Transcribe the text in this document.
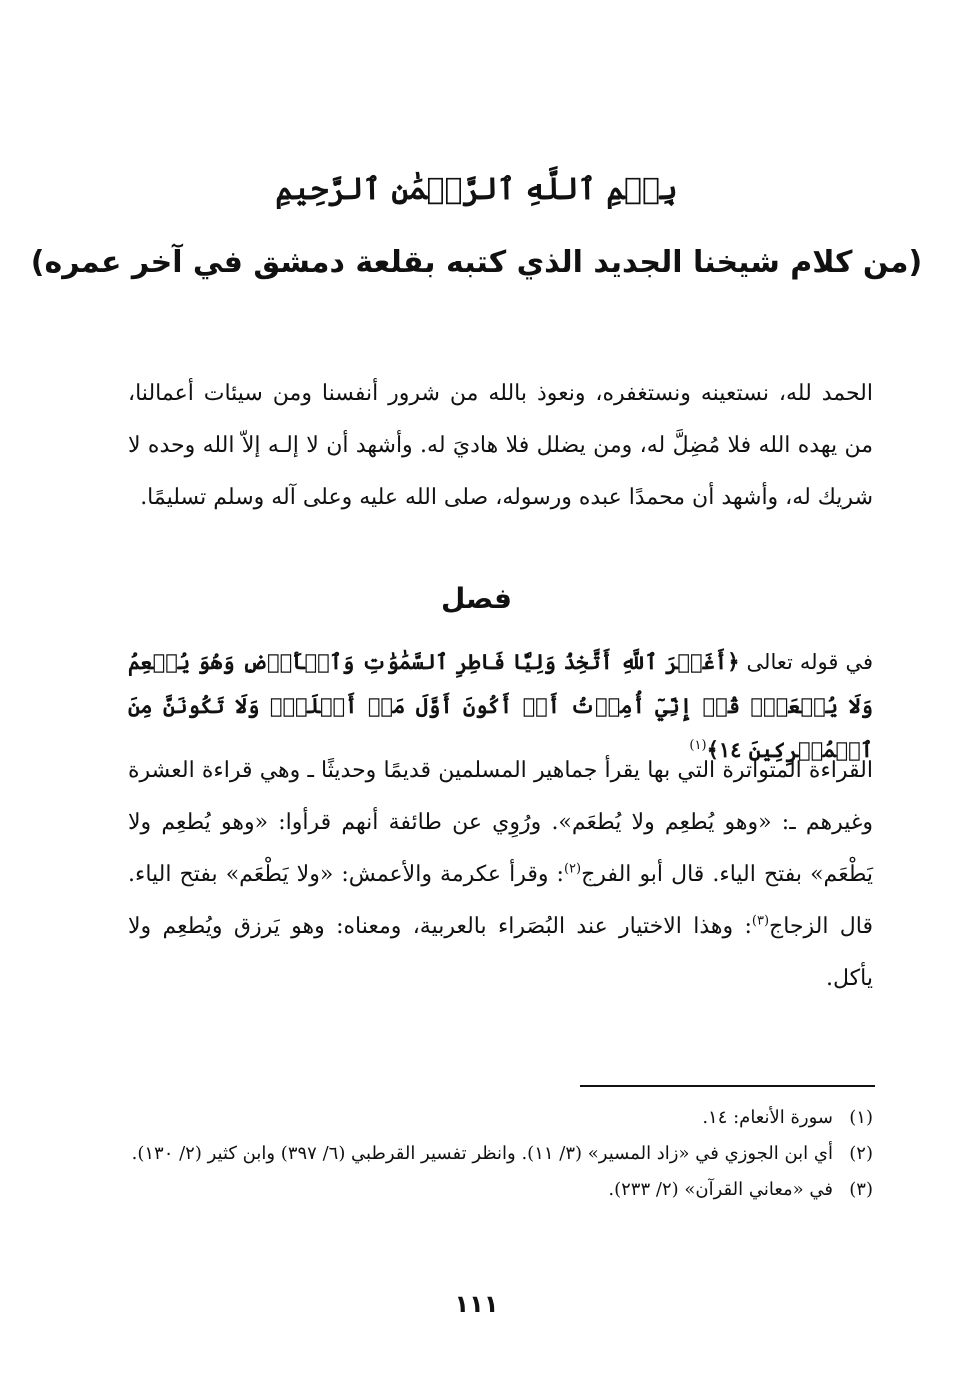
بِسۡمِ ٱللَّهِ ٱلرَّحۡمَٰنِ ٱلرَّحِيمِ
(من كلام شيخنا الجديد الذي كتبه بقلعة دمشق في آخر عمره)
الحمد لله، نستعينه ونستغفره، ونعوذ بالله من شرور أنفسنا ومن سيئات أعمالنا، من يهده الله فلا مُضِلَّ له، ومن يضلل فلا هاديَ له. وأشهد أن لا إلـه إلاّ الله وحده لا شريك له، وأشهد أن محمدًا عبده ورسوله، صلى الله عليه وعلى آله وسلم تسليمًا.
فصل
في قوله تعالى ﴿أَغَيۡرَ ٱللَّهِ أَتَّخِذُ وَلِيّٗا فَاطِرِ ٱلسَّمَٰوَٰتِ وَٱلۡأَرۡضِ وَهُوَ يُطۡعِمُ وَلَا يُطۡعَمُۗ قُلۡ إِنِّيٓ أُمِرۡتُ أَنۡ أَكُونَ أَوَّلَ مَنۡ أَسۡلَمَۖ وَلَا تَكُونَنَّ مِنَ ٱلۡمُشۡرِكِينَ ١٤﴾$^{(١)}$
القراءة المتواترة التي بها يقرأ جماهير المسلمين قديمًا وحديثًا ـ وهي قراءة العشرة وغيرهم ـ: «وهو يُطعِم ولا يُطعَم». ورُوِي عن طائفة أنهم قرأوا: «وهو يُطعِم ولا يَطْعَم» بفتح الياء. قال أبو الفرج$^{(٢)}$: وقرأ عكرمة والأعمش: «ولا يَطْعَم» بفتح الياء. قال الزجاج$^{(٣)}$: وهذا الاختيار عند البُصَراء بالعربية، ومعناه: وهو يَرزق ويُطعِم ولا يأكل.
(١)
سورة الأنعام: ١٤.
(٢)
أي ابن الجوزي في «زاد المسير» (٣/ ١١). وانظر تفسير القرطبي (٦/ ٣٩٧) وابن كثير (٢/ ١٣٠).
(٣)
في «معاني القرآن» (٢/ ٢٣٣).
١١١
